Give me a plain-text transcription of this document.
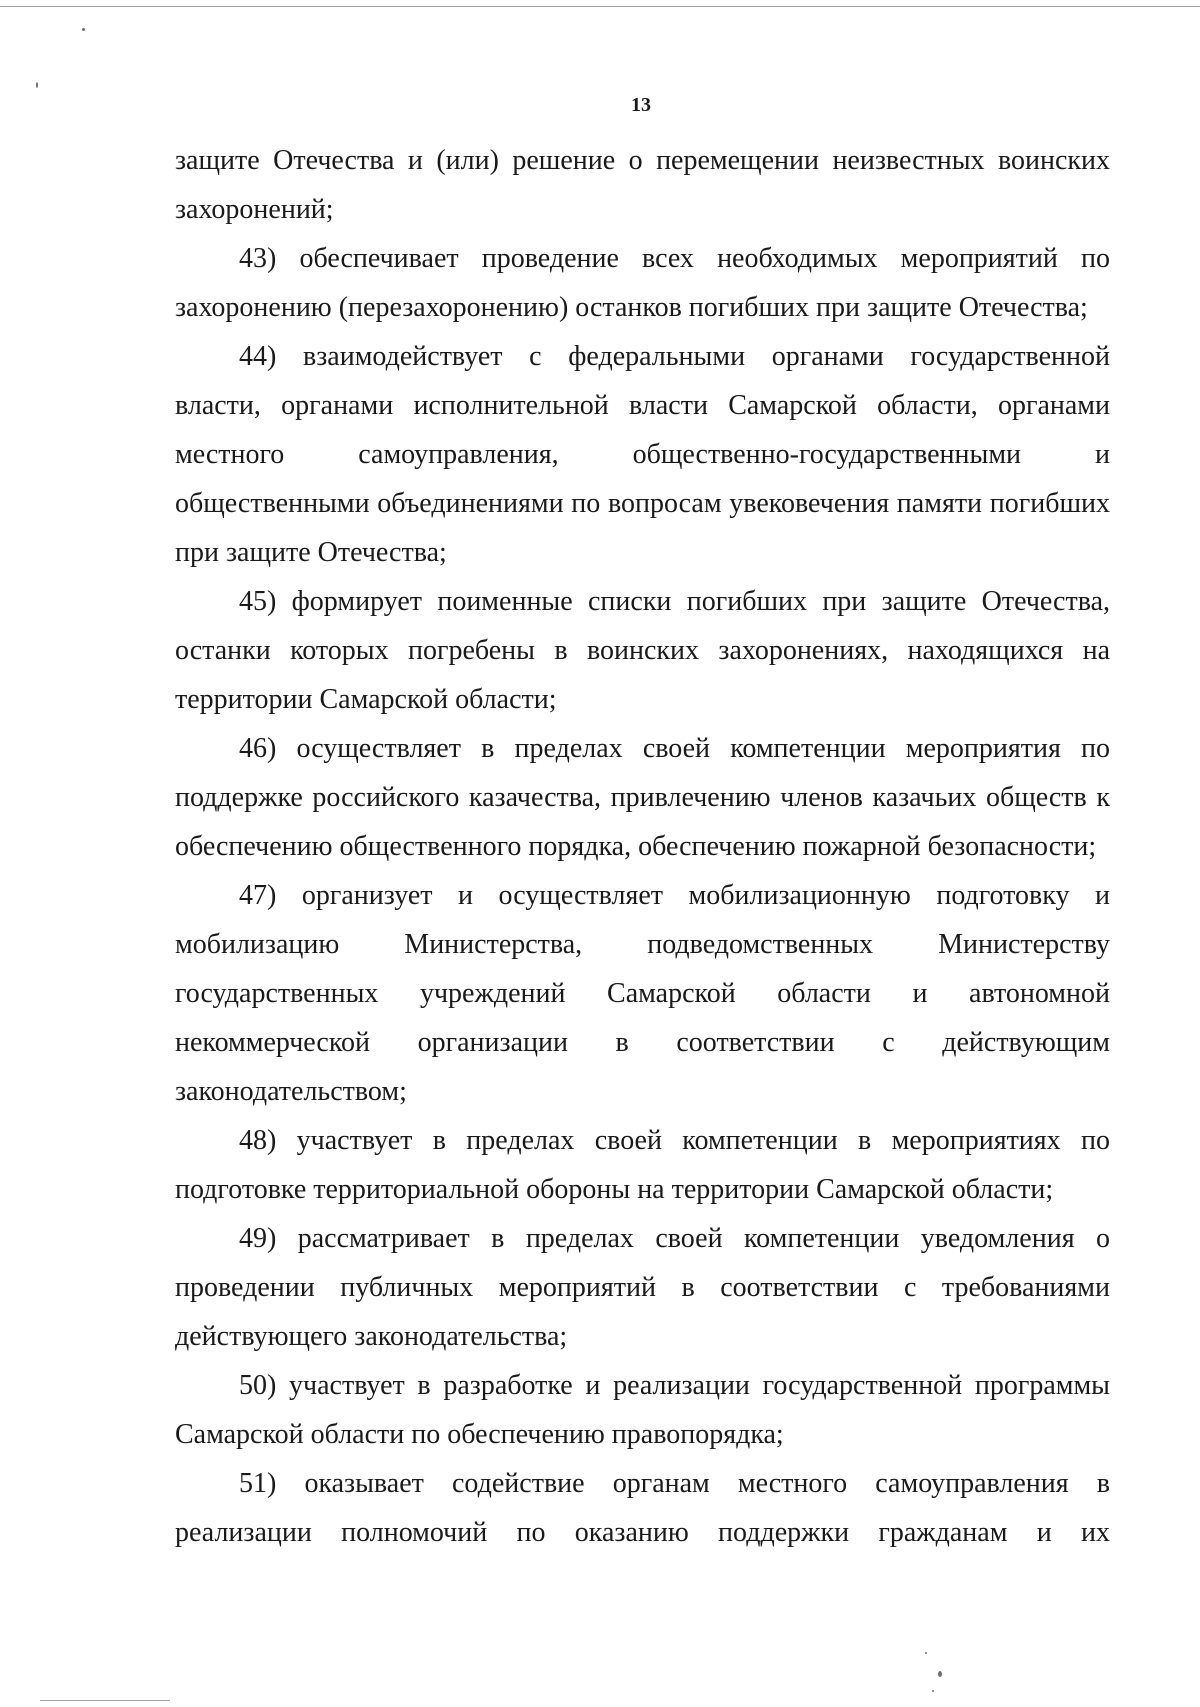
13
защите Отечества и (или) решение о перемещении неизвестных воинских
захоронений;
43) обеспечивает проведение всех необходимых мероприятий по
захоронению (перезахоронению) останков погибших при защите Отечества;
44) взаимодействует с федеральными органами государственной
власти, органами исполнительной власти Самарской области, органами
местного самоуправления, общественно-государственными и
общественными объединениями по вопросам увековечения памяти погибших
при защите Отечества;
45) формирует поименные списки погибших при защите Отечества,
останки которых погребены в воинских захоронениях, находящихся на
территории Самарской области;
46) осуществляет в пределах своей компетенции мероприятия по
поддержке российского казачества, привлечению членов казачьих обществ к
обеспечению общественного порядка, обеспечению пожарной безопасности;
47) организует и осуществляет мобилизационную подготовку и
мобилизацию Министерства, подведомственных Министерству
государственных учреждений Самарской области и автономной
некоммерческой организации в соответствии с действующим
законодательством;
48) участвует в пределах своей компетенции в мероприятиях по
подготовке территориальной обороны на территории Самарской области;
49) рассматривает в пределах своей компетенции уведомления о
проведении публичных мероприятий в соответствии с требованиями
действующего законодательства;
50) участвует в разработке и реализации государственной программы
Самарской области по обеспечению правопорядка;
51) оказывает содействие органам местного самоуправления в
реализации полномочий по оказанию поддержки гражданам и их
